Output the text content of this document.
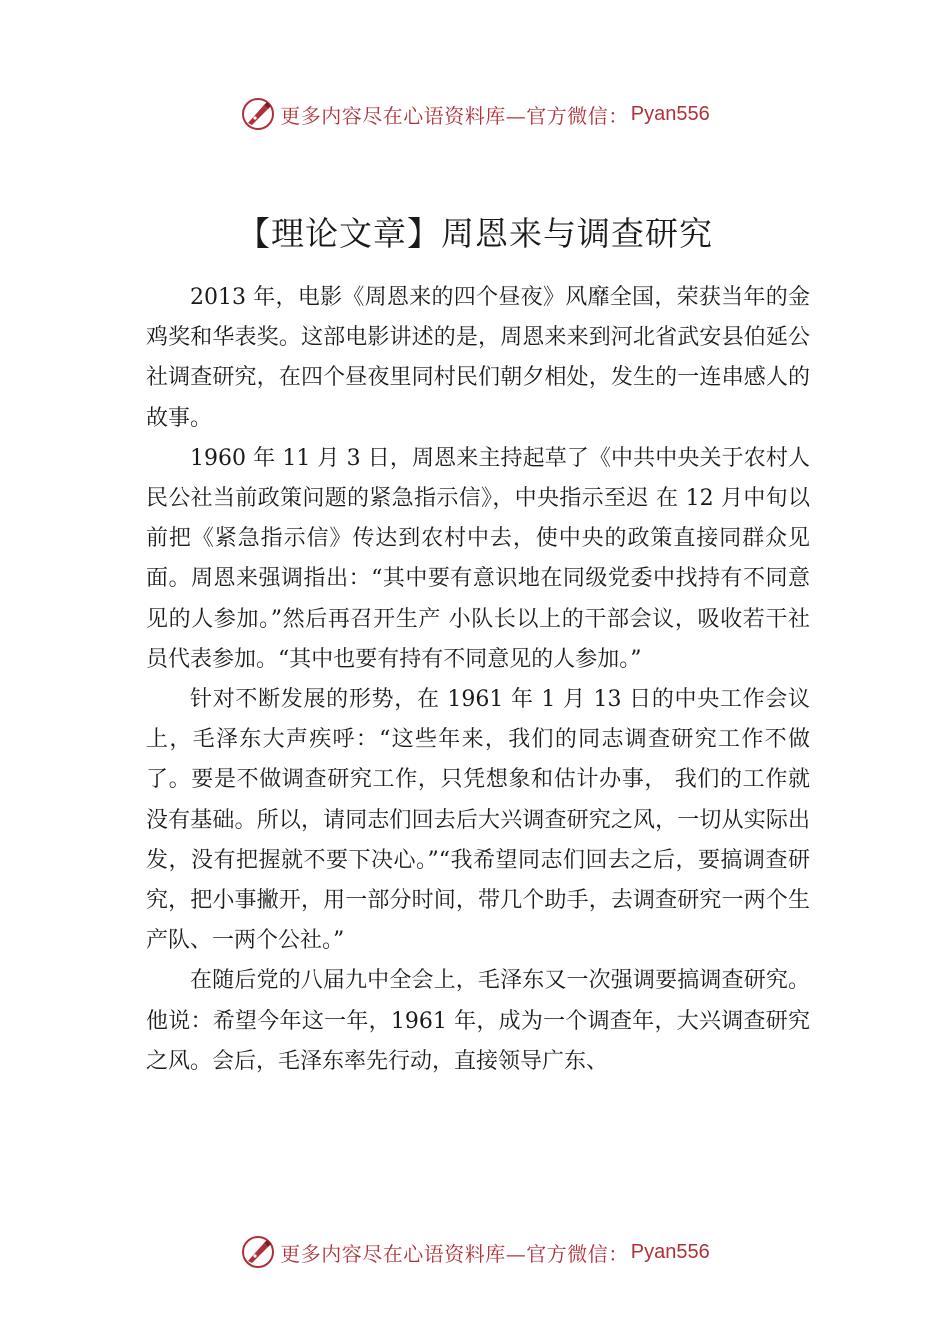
更多内容尽在心语资料库—官方微信： Pyan556
【理论文章】周恩来与调查研究

2013 年，电影《周恩来的四个昼夜》风靡全国，荣获当年的金鸡奖和华表奖。这部电影讲述的是，周恩来来到河北省武安县伯延公社调查研究，在四个昼夜里同村民们朝夕相处，发生的一连串感人的故事。

1960 年 11 月 3 日，周恩来主持起草了《中共中央关于农村人民公社当前政策问题的紧急指示信》，中央指示至迟 在 12 月中旬以前把《紧急指示信》传达到农村中去，使中央的政策直接同群众见面。周恩来强调指出：“其中要有意识地在同级党委中找持有不同意见的人参加。”然后再召开生产 小队长以上的干部会议，吸收若干社员代表参加。“其中也要有持有不同意见的人参加。”

针对不断发展的形势，在 1961 年 1 月 13 日的中央工作会议上，毛泽东大声疾呼：“这些年来，我们的同志调查研究工作不做了。要是不做调查研究工作，只凭想象和估计办事， 我们的工作就没有基础。所以，请同志们回去后大兴调查研究之风，一切从实际出发，没有把握就不要下决心。”“我希望同志们回去之后，要搞调查研究，把小事撇开，用一部分时间，带几个助手，去调查研究一两个生产队、一两个公社。”

在随后党的八届九中全会上，毛泽东又一次强调要搞调查研究。他说：希望今年这一年，1961 年，成为一个调查年，大兴调查研究之风。会后，毛泽东率先行动，直接领导广东、

更多内容尽在心语资料库—官方微信： Pyan556
